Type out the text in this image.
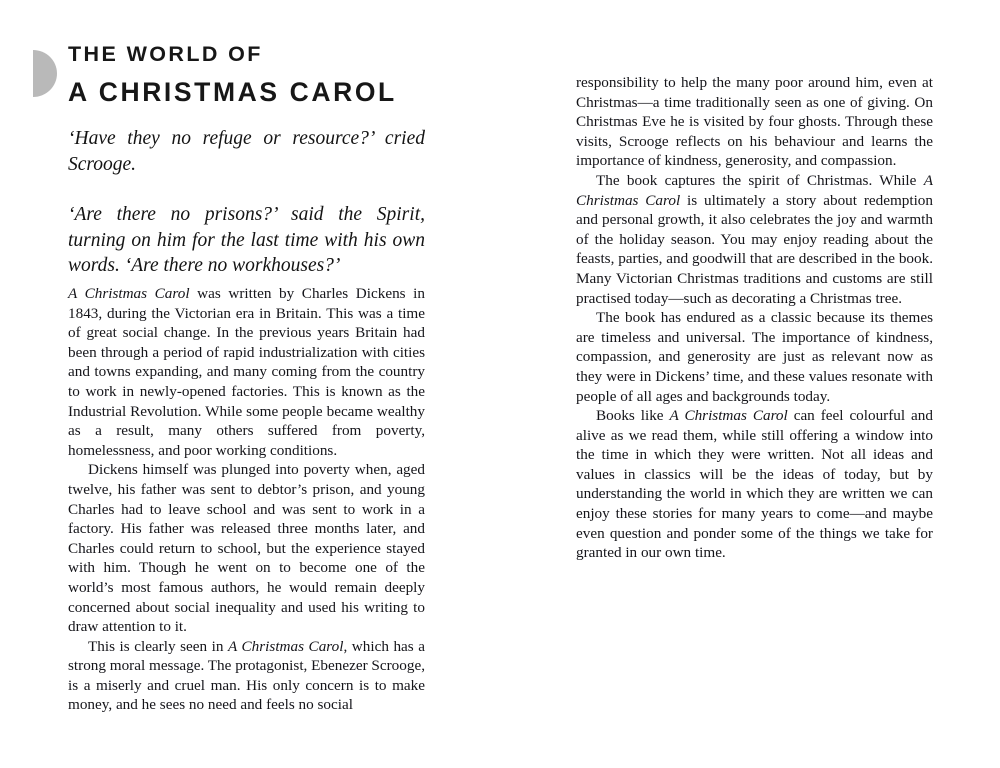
THE WORLD OF
A CHRISTMAS CAROL

‘Have they no refuge or resource?’ cried Scrooge.

‘Are there no prisons?’ said the Spirit, turning on him for the last time with his own words. ‘Are there no workhouses?’

A Christmas Carol was written by Charles Dickens in 1843, during the Victorian era in Britain. This was a time of great social change. In the previous years Britain had been through a period of rapid industrialization with cities and towns expanding, and many coming from the country to work in newly-opened factories. This is known as the Industrial Revolution. While some people became wealthy as a result, many others suffered from poverty, homelessness, and poor working conditions.

Dickens himself was plunged into poverty when, aged twelve, his father was sent to debtor’s prison, and young Charles had to leave school and was sent to work in a factory. His father was released three months later, and Charles could return to school, but the experience stayed with him. Though he went on to become one of the world’s most famous authors, he would remain deeply concerned about social inequality and used his writing to draw attention to it.

This is clearly seen in A Christmas Carol, which has a strong moral message. The protagonist, Ebenezer Scrooge, is a miserly and cruel man. His only concern is to make money, and he sees no need and feels no social

responsibility to help the many poor around him, even at Christmas—a time traditionally seen as one of giving. On Christmas Eve he is visited by four ghosts. Through these visits, Scrooge reflects on his behaviour and learns the importance of kindness, generosity, and compassion.

The book captures the spirit of Christmas. While A Christmas Carol is ultimately a story about redemption and personal growth, it also celebrates the joy and warmth of the holiday season. You may enjoy reading about the feasts, parties, and goodwill that are described in the book. Many Victorian Christmas traditions and customs are still practised today—such as decorating a Christmas tree.

The book has endured as a classic because its themes are timeless and universal. The importance of kindness, compassion, and generosity are just as relevant now as they were in Dickens’ time, and these values resonate with people of all ages and backgrounds today.

Books like A Christmas Carol can feel colourful and alive as we read them, while still offering a window into the time in which they were written. Not all ideas and values in classics will be the ideas of today, but by understanding the world in which they are written we can enjoy these stories for many years to come—and maybe even question and ponder some of the things we take for granted in our own time.
